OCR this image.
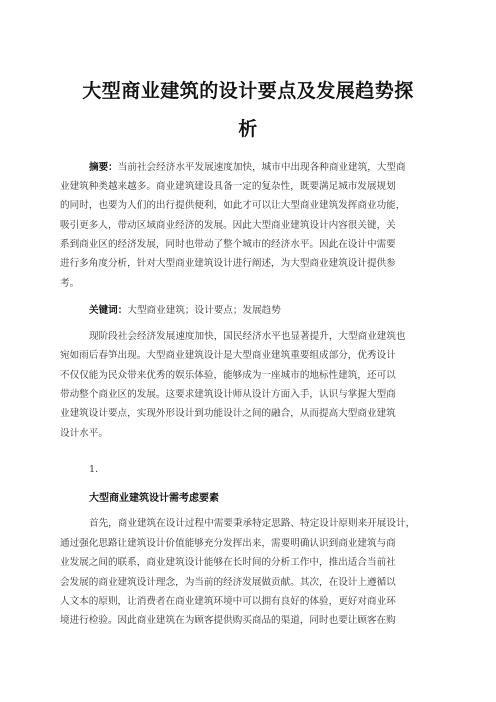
大型商业建筑的设计要点及发展趋势探
析
摘要：当前社会经济水平发展速度加快，城市中出现各种商业建筑，大型商
业建筑种类越来越多。商业建筑建设具备一定的复杂性，既要满足城市发展规划
的同时，也要为人们的出行提供便利，如此才可以让大型商业建筑发挥商业功能，
吸引更多人，带动区域商业经济的发展。因此大型商业建筑设计内容很关键，关
系到商业区的经济发展，同时也带动了整个城市的经济水平。因此在设计中需要
进行多角度分析，针对大型商业建筑设计进行阐述，为大型商业建筑设计提供参
考。
关键词：大型商业建筑；设计要点；发展趋势
现阶段社会经济发展速度加快，国民经济水平也显著提升，大型商业建筑也
宛如雨后春笋出现。大型商业建筑设计是大型商业建筑重要组成部分，优秀设计
不仅仅能为民众带来优秀的娱乐体验，能够成为一座城市的地标性建筑，还可以
带动整个商业区的发展。这要求建筑设计师从设计方面入手，认识与掌握大型商
业建筑设计要点，实现外形设计到功能设计之间的融合，从而提高大型商业建筑
设计水平。
1.
大型商业建筑设计需考虑要素
首先，商业建筑在设计过程中需要秉承特定思路、特定设计原则来开展设计，
通过强化思路让建筑设计价值能够充分发挥出来，需要明确认识到商业建筑与商
业发展之间的联系，商业建筑设计能够在长时间的分析工作中，推出适合当前社
会发展的商业建筑设计理念，为当前的经济发展做贡献。其次，在设计上遵循以
人文本的原则，让消费者在商业建筑环境中可以拥有良好的体验，更好对商业环
境进行检验。因此商业建筑在为顾客提供购买商品的渠道，同时也要让顾客在购
